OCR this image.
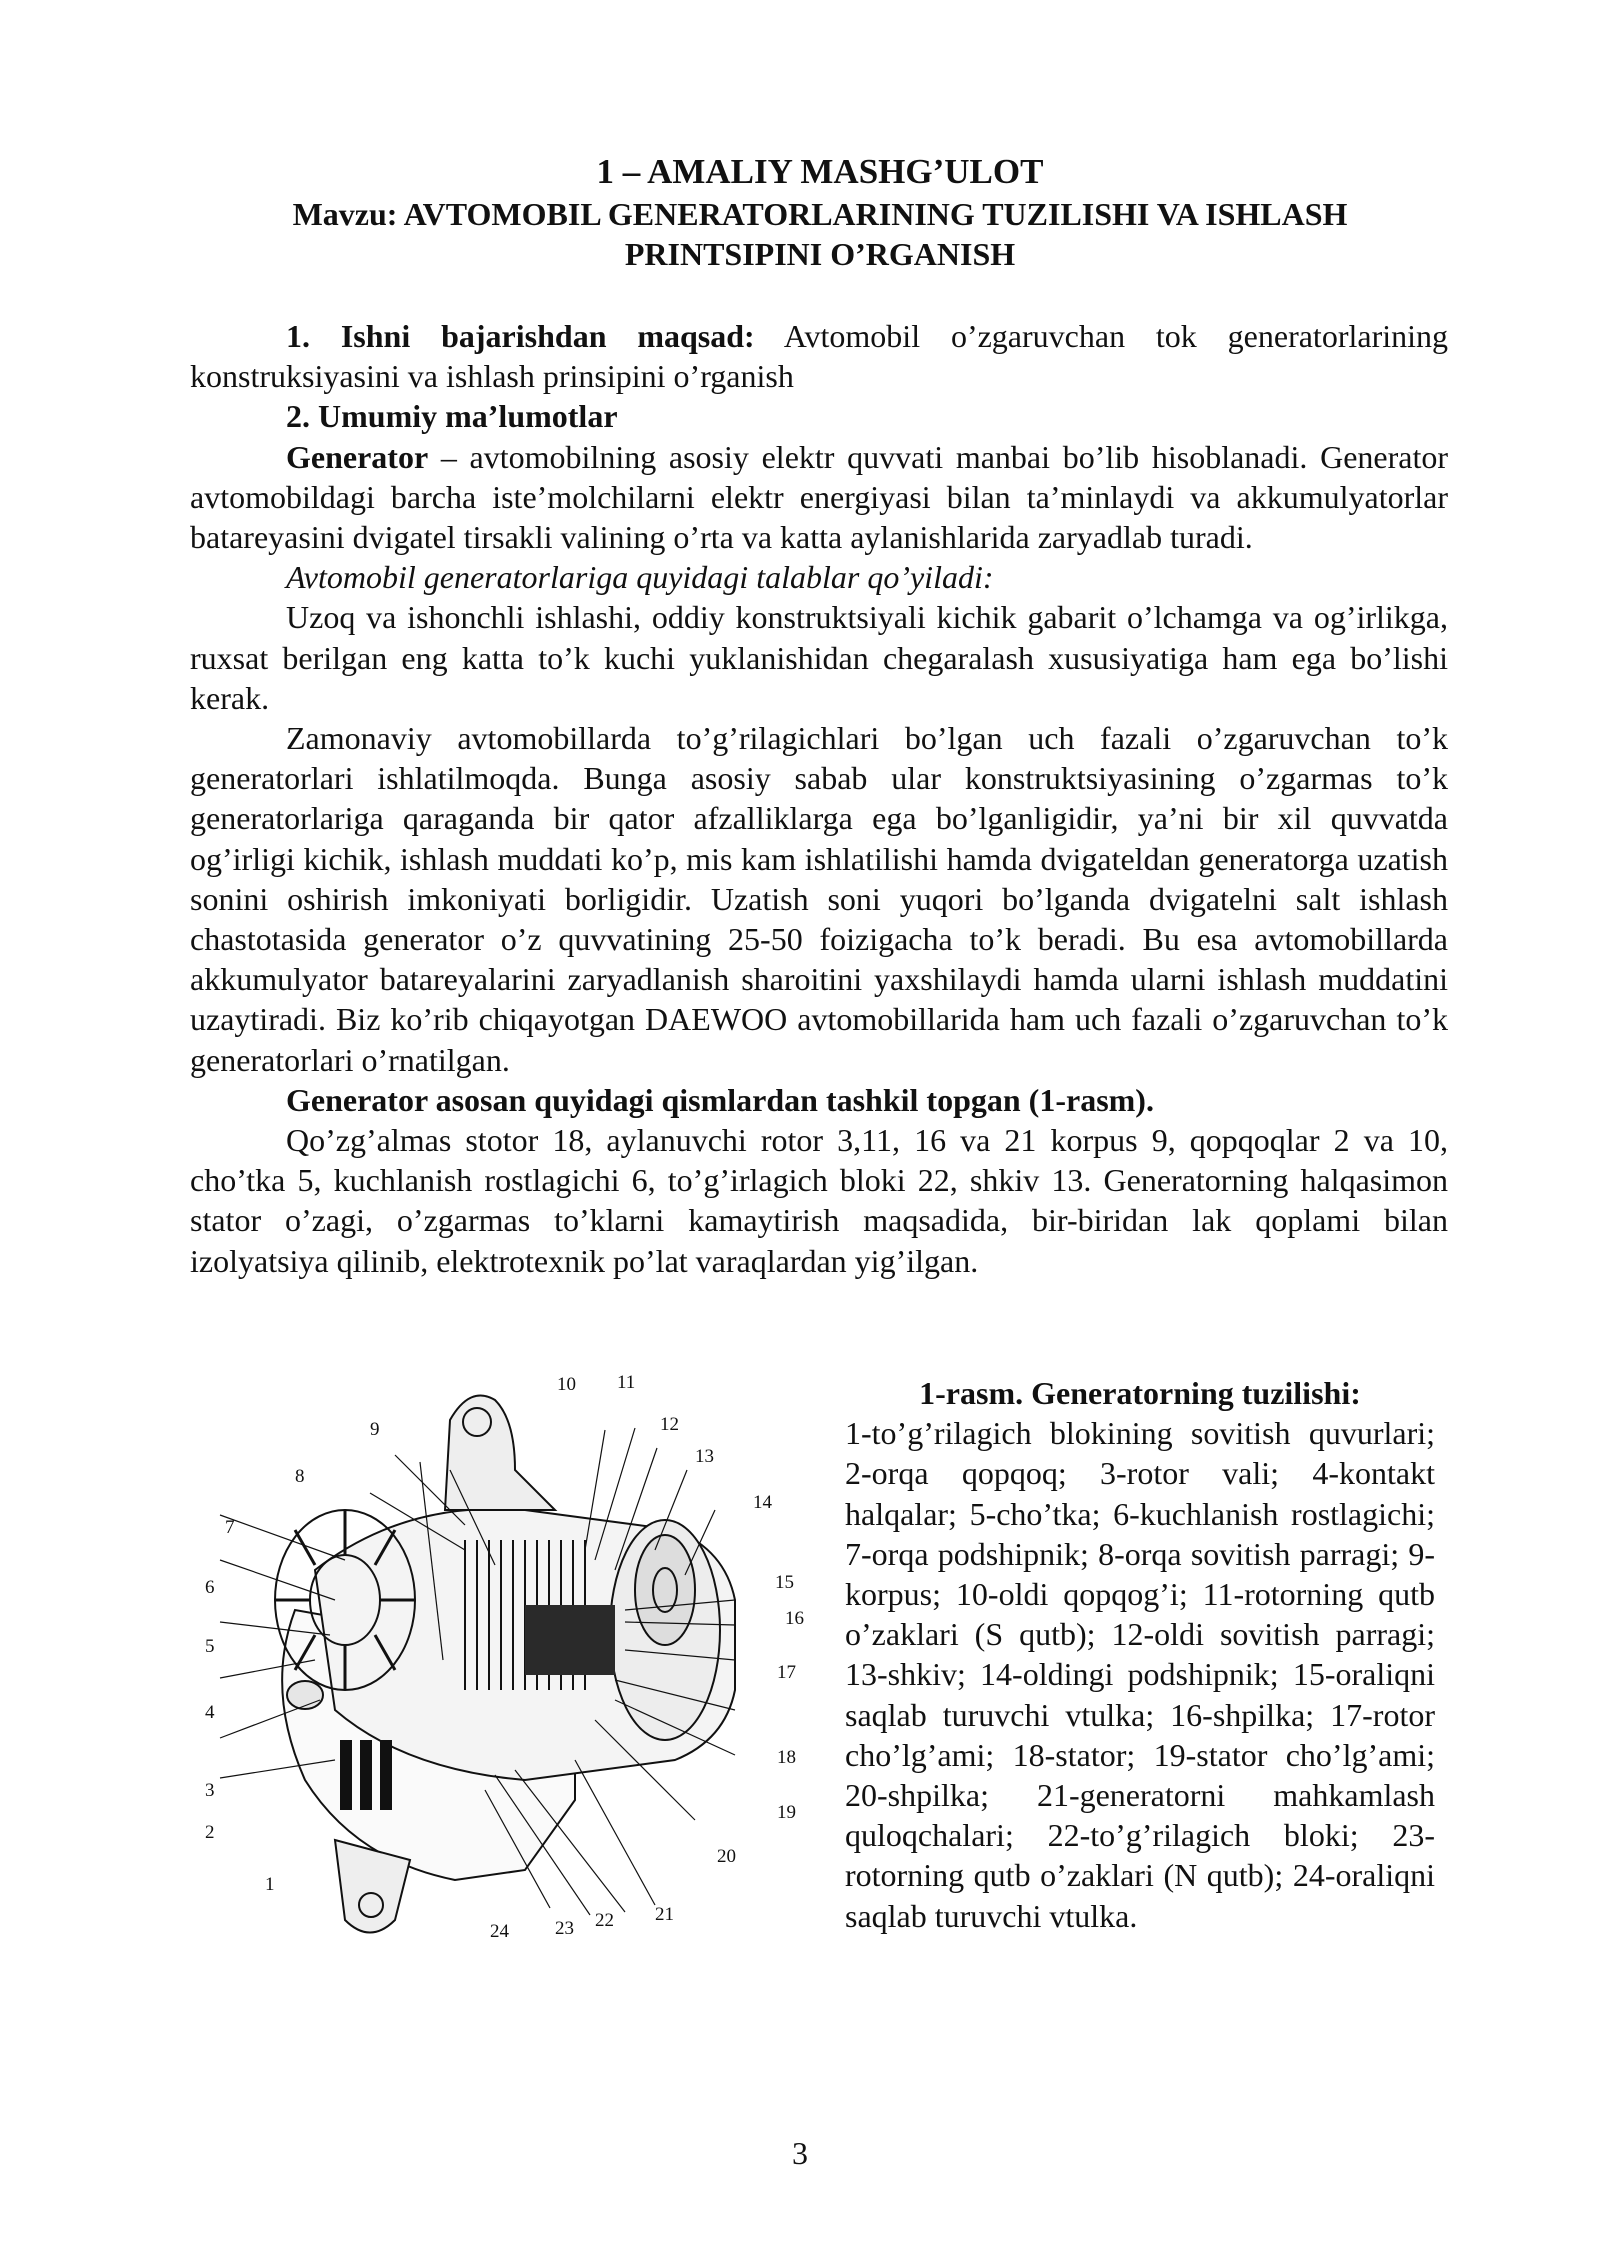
1 – AMALIY MASHG’ULOT
Mavzu: AVTOMOBIL GENERATORLARINING TUZILISHI VA ISHLASH
PRINTSIPINI O’RGANISH

1. Ishni bajarishdan maqsad: Avtomobil o’zgaruvchan tok generatorlarining konstruksiyasini va ishlash prinsipini o’rganish

2. Umumiy ma’lumotlar

Generator – avtomobilning asosiy elektr quvvati manbai bo’lib hisoblanadi. Generator avtomobildagi barcha iste’molchilarni elektr energiyasi bilan ta’minlaydi va akkumulyatorlar batareyasini dvigatel tirsakli valining o’rta va katta aylanishlarida zaryadlab turadi.

Avtomobil generatorlariga quyidagi talablar qo’yiladi:

Uzoq va ishonchli ishlashi, oddiy konstruktsiyali kichik gabarit o’lchamga va og’irlikga, ruxsat berilgan eng katta to’k kuchi yuklanishidan chegaralash xususiyatiga ham ega bo’lishi kerak.

Zamonaviy avtomobillarda to’g’rilagichlari bo’lgan uch fazali o’zgaruvchan to’k generatorlari ishlatilmoqda. Bunga asosiy sabab ular konstruktsiyasining o’zgarmas to’k generatorlariga qaraganda bir qator afzalliklarga ega bo’lganligidir, ya’ni bir xil quvvatda og’irligi kichik, ishlash muddati ko’p, mis kam ishlatilishi hamda dvigateldan generatorga uzatish sonini oshirish imkoniyati borligidir. Uzatish soni yuqori bo’lganda dvigatelni salt ishlash chastotasida generator o’z quvvatining 25-50 foizigacha to’k beradi. Bu esa avtomobillarda akkumulyator batareyalarini zaryadlanish sharoitini yaxshilaydi hamda ularni ishlash muddatini uzaytiradi. Biz ko’rib chiqayotgan DAEWOO avtomobillarida ham uch fazali o’zgaruvchan to’k generatorlari o’rnatilgan.

Generator asosan quyidagi qismlardan tashkil topgan (1-rasm).

Qo’zg’almas stotor 18, aylanuvchi rotor 3,11, 16 va 21 korpus 9, qopqoqlar 2 va 10, cho’tka 5, kuchlanish rostlagichi 6, to’g’irlagich bloki 22, shkiv 13. Generatorning halqasimon stator o’zagi, o’zgarmas to’klarni kamaytirish maqsadida, bir-biridan lak qoplami bilan izolyatsiya qilinib, elektrotexnik po’lat varaqlardan yig’ilgan.

1
2
3
4
5
6
7
8
9
10 11
12
13
14
15
16
17
18
19
20
21
22
23
24
1-rasm. Generatorning tuzilishi:
1-to’g’rilagich blokining sovitish quvurlari; 2-orqa qopqoq; 3-rotor vali; 4-kontakt halqalar; 5-cho’tka; 6-kuchlanish rostlagichi; 7-orqa podshipnik; 8-orqa sovitish parragi; 9-korpus; 10-oldi qopqog’i; 11-rotorning qutb o’zaklari (S qutb); 12-oldi sovitish parragi; 13-shkiv; 14-oldingi podshipnik; 15-oraliqni saqlab turuvchi vtulka; 16-shpilka; 17-rotor cho’lg’ami; 18-stator; 19-stator cho’lg’ami; 20-shpilka; 21-generatorni mahkamlash quloqchalari; 22-to’g’rilagich bloki; 23-rotorning qutb o’zaklari (N qutb); 24-oraliqni saqlab turuvchi vtulka.
3
